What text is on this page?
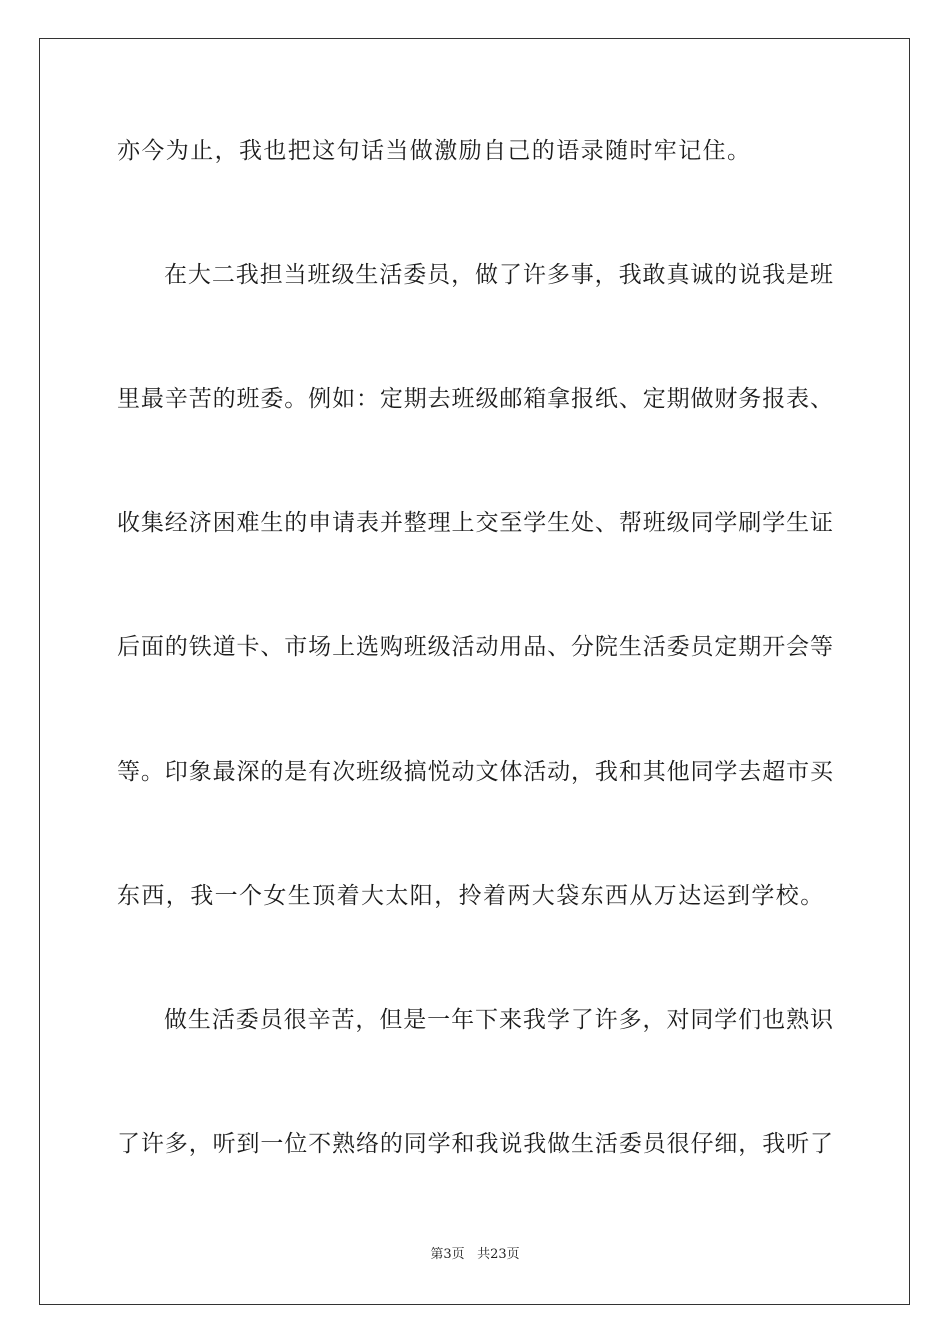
亦今为止，我也把这句话当做激励自己的语录随时牢记住。
在大二我担当班级生活委员，做了许多事，我敢真诚的说我是班
里最辛苦的班委。例如：定期去班级邮箱拿报纸、定期做财务报表、
收集经济困难生的申请表并整理上交至学生处、帮班级同学刷学生证
后面的铁道卡、市场上选购班级活动用品、分院生活委员定期开会等
等。印象最深的是有次班级搞悦动文体活动，我和其他同学去超市买
东西，我一个女生顶着大太阳，拎着两大袋东西从万达运到学校。
做生活委员很辛苦，但是一年下来我学了许多，对同学们也熟识
了许多，听到一位不熟络的同学和我说我做生活委员很仔细，我听了
第3页 共23页
